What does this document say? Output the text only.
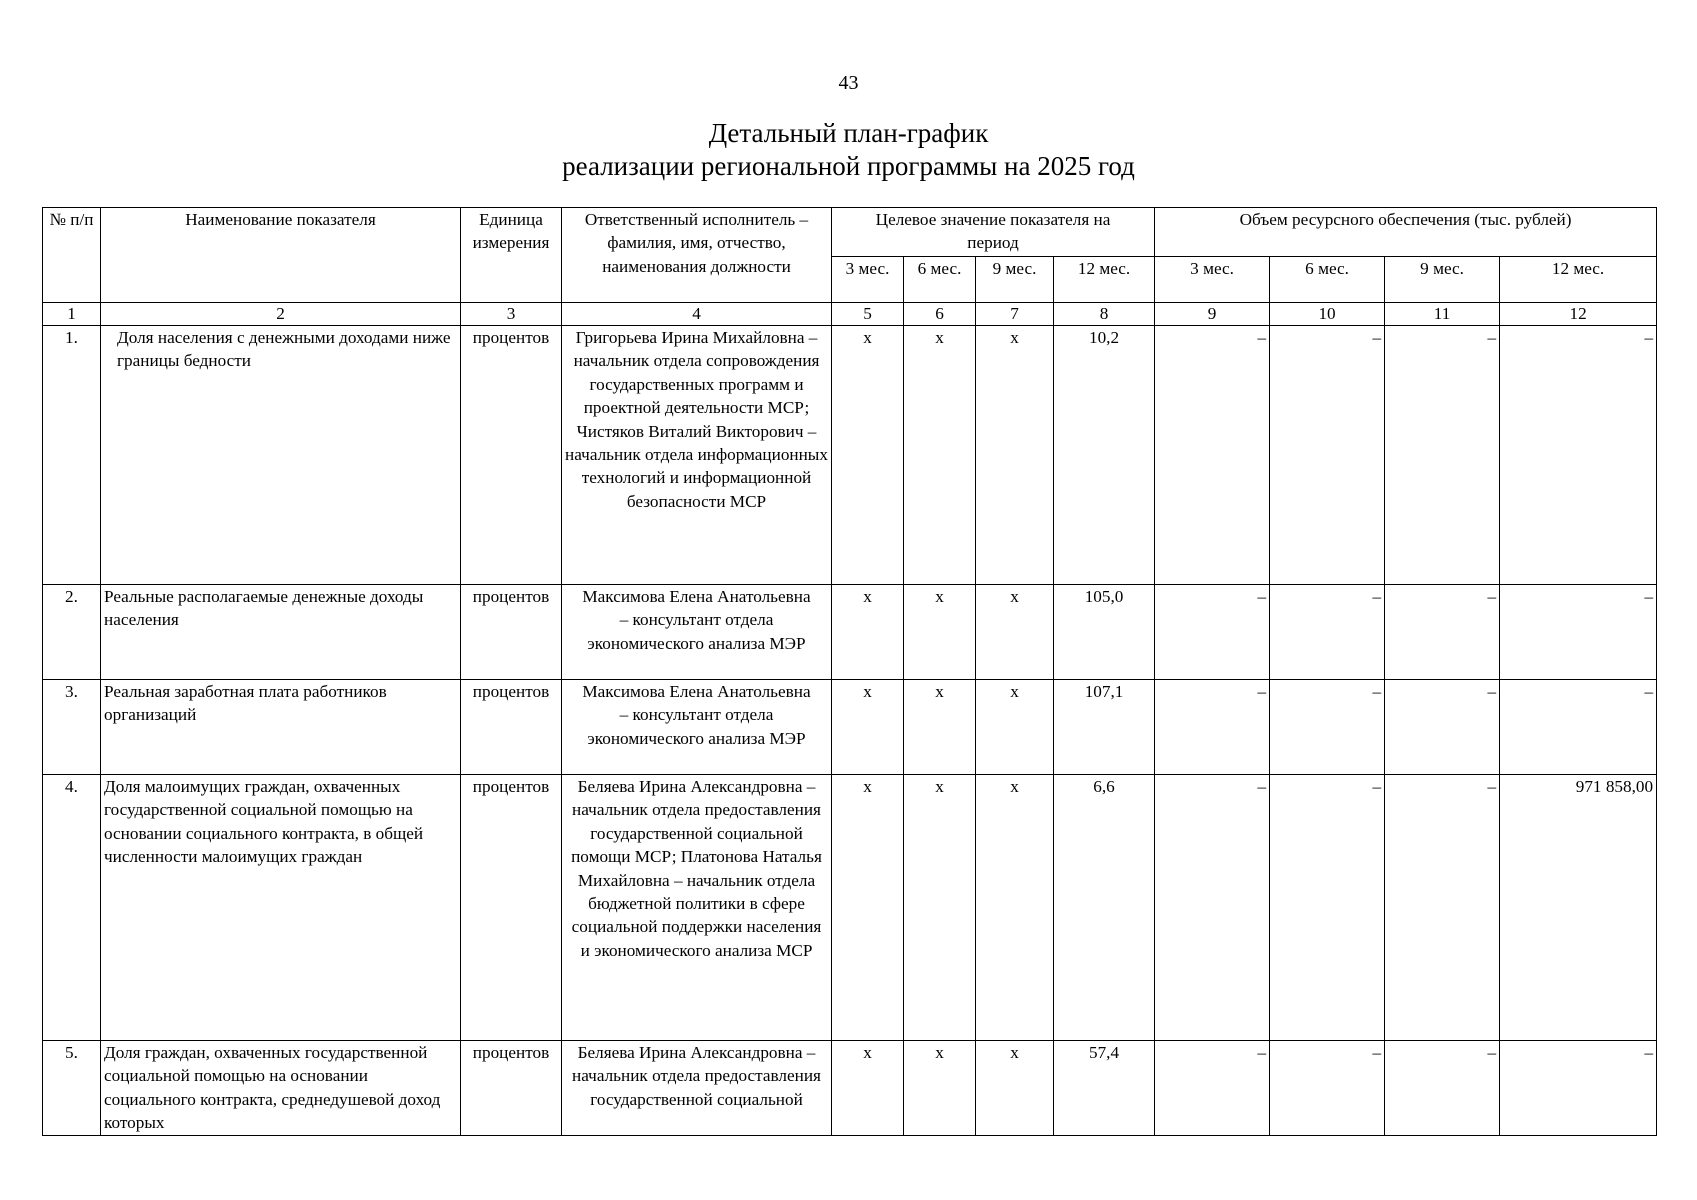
43
Детальный план-график
реализации региональной программы на 2025 год
№ п/п	Наименование показателя	Единица измерения	Ответственный исполнитель – фамилия, имя, отчество, наименования должности	Целевое значение показателя на период				Объем ресурсного обеспечения (тыс. рублей)			

				3 мес.	6 мес.	9 мес.	12 мес.	3 мес.	6 мес.	9 мес.	12 мес.
1	2	3	4	5	6	7	8	9	10	11	12
1.	Доля населения с денежными доходами ниже границы бедности	процентов	Григорьева Ирина Михайловна – начальник отдела сопровождения государственных программ и проектной деятельности МСР; Чистяков Виталий Викторович – начальник отдела информационных технологий и информационной безопасности МСР	х	х	х	10,2	–	–	–	–
2.	Реальные располагаемые денежные доходы населения	процентов	Максимова Елена Анатольевна – консультант отдела экономического анализа МЭР	х	х	х	105,0	–	–	–	–
3.	Реальная заработная плата работников организаций	процентов	Максимова Елена Анатольевна – консультант отдела экономического анализа МЭР	х	х	х	107,1	–	–	–	–
4.	Доля малоимущих граждан, охваченных государственной социальной помощью на основании социального контракта, в общей численности малоимущих граждан	процентов	Беляева Ирина Александровна – начальник отдела предоставления государственной социальной помощи МСР; Платонова Наталья Михайловна – начальник отдела бюджетной политики в сфере социальной поддержки населения и экономического анализа МСР	х	х	х	6,6	–	–	–	971 858,00
5.	Доля граждан, охваченных государственной социальной помощью на основании социального контракта, среднедушевой доход которых	процентов	Беляева Ирина Александровна – начальник отдела предоставления государственной социальной	х	х	х	57,4	–	–	–	–
